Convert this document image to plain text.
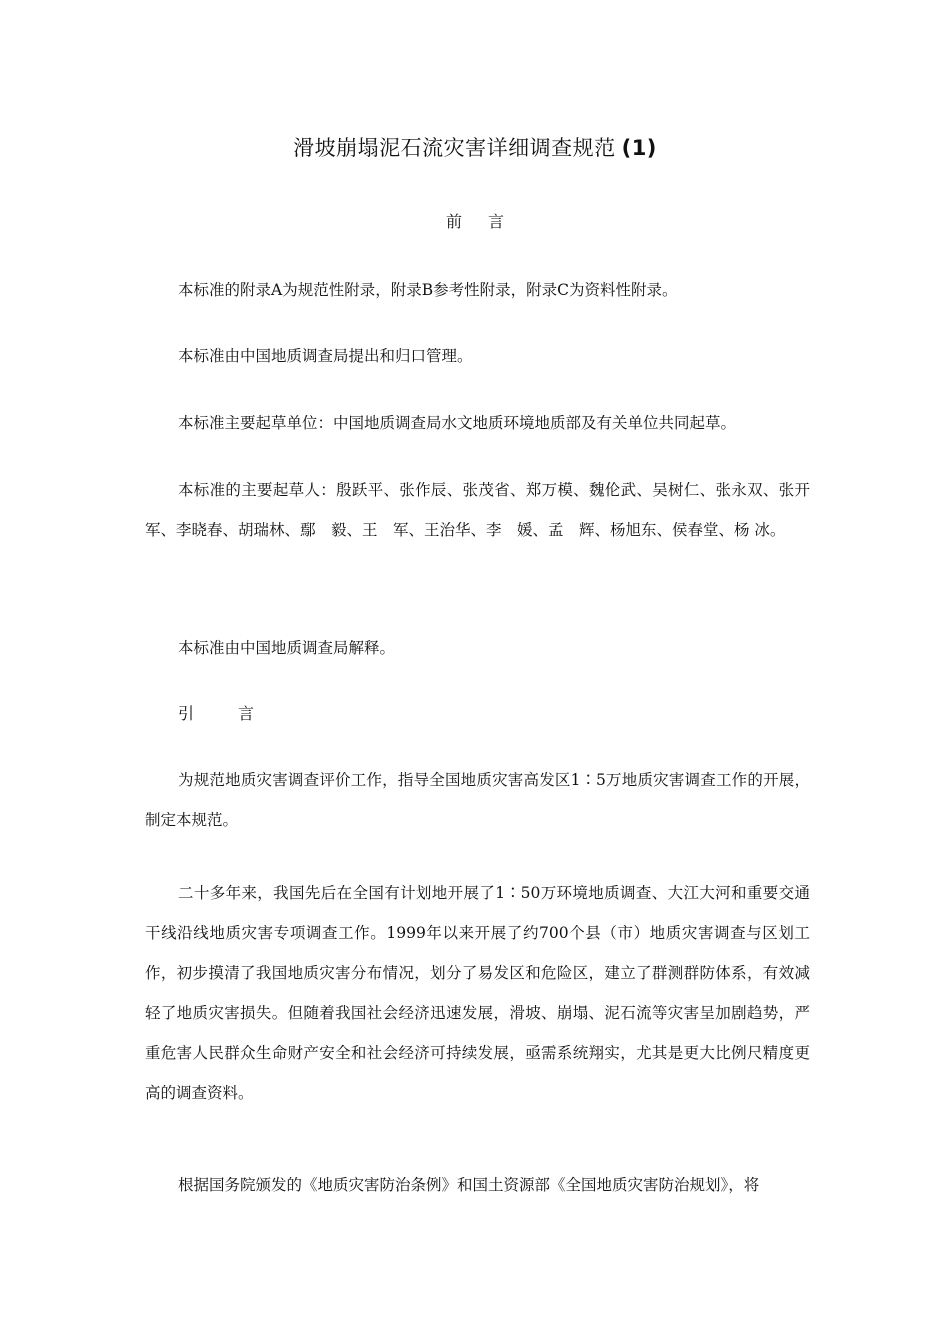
滑坡崩塌泥石流灾害详细调查规范 (1)
前言

本标准的附录A为规范性附录，附录B参考性附录，附录C为资料性附录。

本标准由中国地质调查局提出和归口管理。

本标准主要起草单位：中国地质调查局水文地质环境地质部及有关单位共同起草。

本标准的主要起草人：殷跃平、张作辰、张茂省、郑万模、魏伦武、吴树仁、张永双、张开军、李晓春、胡瑞林、鄢　毅、王　军、王治华、李　媛、孟　辉、杨旭东、侯春堂、杨 冰。

本标准由中国地质调查局解释。

引言

为规范地质灾害调查评价工作，指导全国地质灾害高发区1∶5万地质灾害调查工作的开展，制定本规范。

二十多年来，我国先后在全国有计划地开展了1∶50万环境地质调查、大江大河和重要交通干线沿线地质灾害专项调查工作。1999年以来开展了约700个县（市）地质灾害调查与区划工作，初步摸清了我国地质灾害分布情况，划分了易发区和危险区，建立了群测群防体系，有效减轻了地质灾害损失。但随着我国社会经济迅速发展，滑坡、崩塌、泥石流等灾害呈加剧趋势，严重危害人民群众生命财产安全和社会经济可持续发展，亟需系统翔实，尤其是更大比例尺精度更高的调查资料。

根据国务院颁发的《地质灾害防治条例》和国土资源部《全国地质灾害防治规划》，将
